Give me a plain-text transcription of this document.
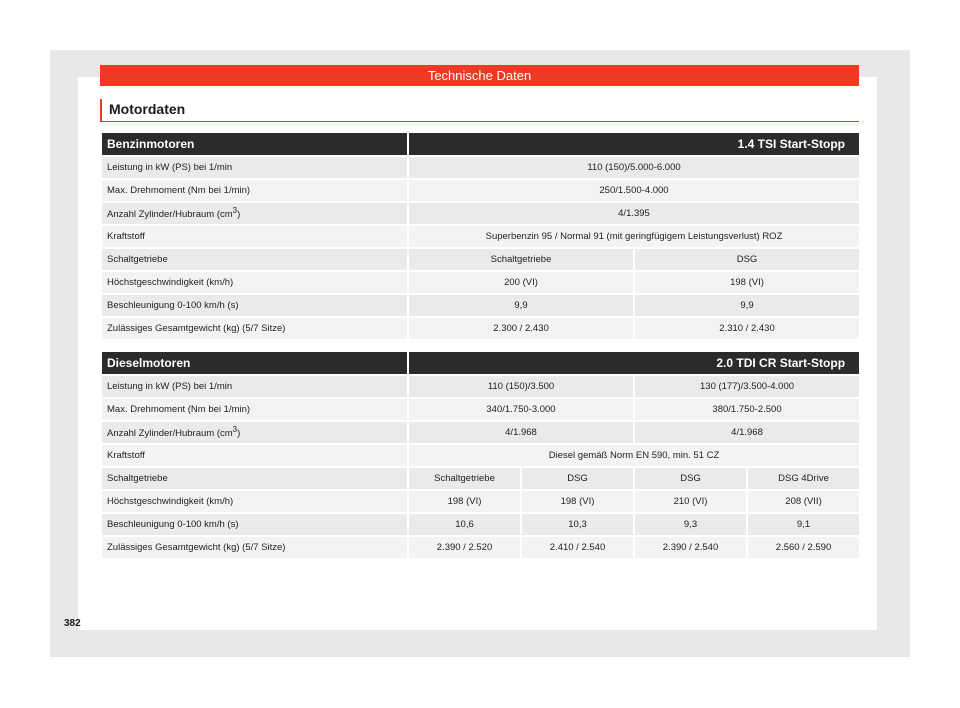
Technische Daten
Motordaten
Benzinmotoren	1.4 TSI Start-Stopp	
Leistung in kW (PS) bei 1/min	110 (150)/5.000-6.000	
Max. Drehmoment (Nm bei 1/min)	250/1.500-4.000	
Anzahl Zylinder/Hubraum $(cm^3)$	4/1.395	
Kraftstoff	Superbenzin 95 / Normal 91 (mit geringfügigem Leistungsverlust) ROZ	
Schaltgetriebe	Schaltgetriebe	DSG
Höchstgeschwindigkeit (km/h)	200 (VI)	198 (VI)
Beschleunigung 0-100 km/h (s)	9,9	9,9
Zulässiges Gesamtgewicht (kg) (5/7 Sitze)	2.300 / 2.430	2.310 / 2.430
Dieselmotoren	2.0 TDI CR Start-Stopp			
Leistung in kW (PS) bei 1/min	110 (150)/3.500		130 (177)/3.500-4.000	
Max. Drehmoment (Nm bei 1/min)	340/1.750-3.000		380/1.750-2.500	
Anzahl Zylinder/Hubraum $(cm^3)$	4/1.968		4/1.968	
Kraftstoff	Diesel gemäß Norm EN 590, min. 51 CZ			
Schaltgetriebe	Schaltgetriebe	DSG	DSG	DSG 4Drive
Höchstgeschwindigkeit (km/h)	198 (VI)	198 (VI)	210 (VI)	208 (VII)
Beschleunigung 0-100 km/h (s)	10,6	10,3	9,3	9,1
Zulässiges Gesamtgewicht (kg) (5/7 Sitze)	2.390 / 2.520	2.410 / 2.540	2.390 / 2.540	2.560 / 2.590
382
